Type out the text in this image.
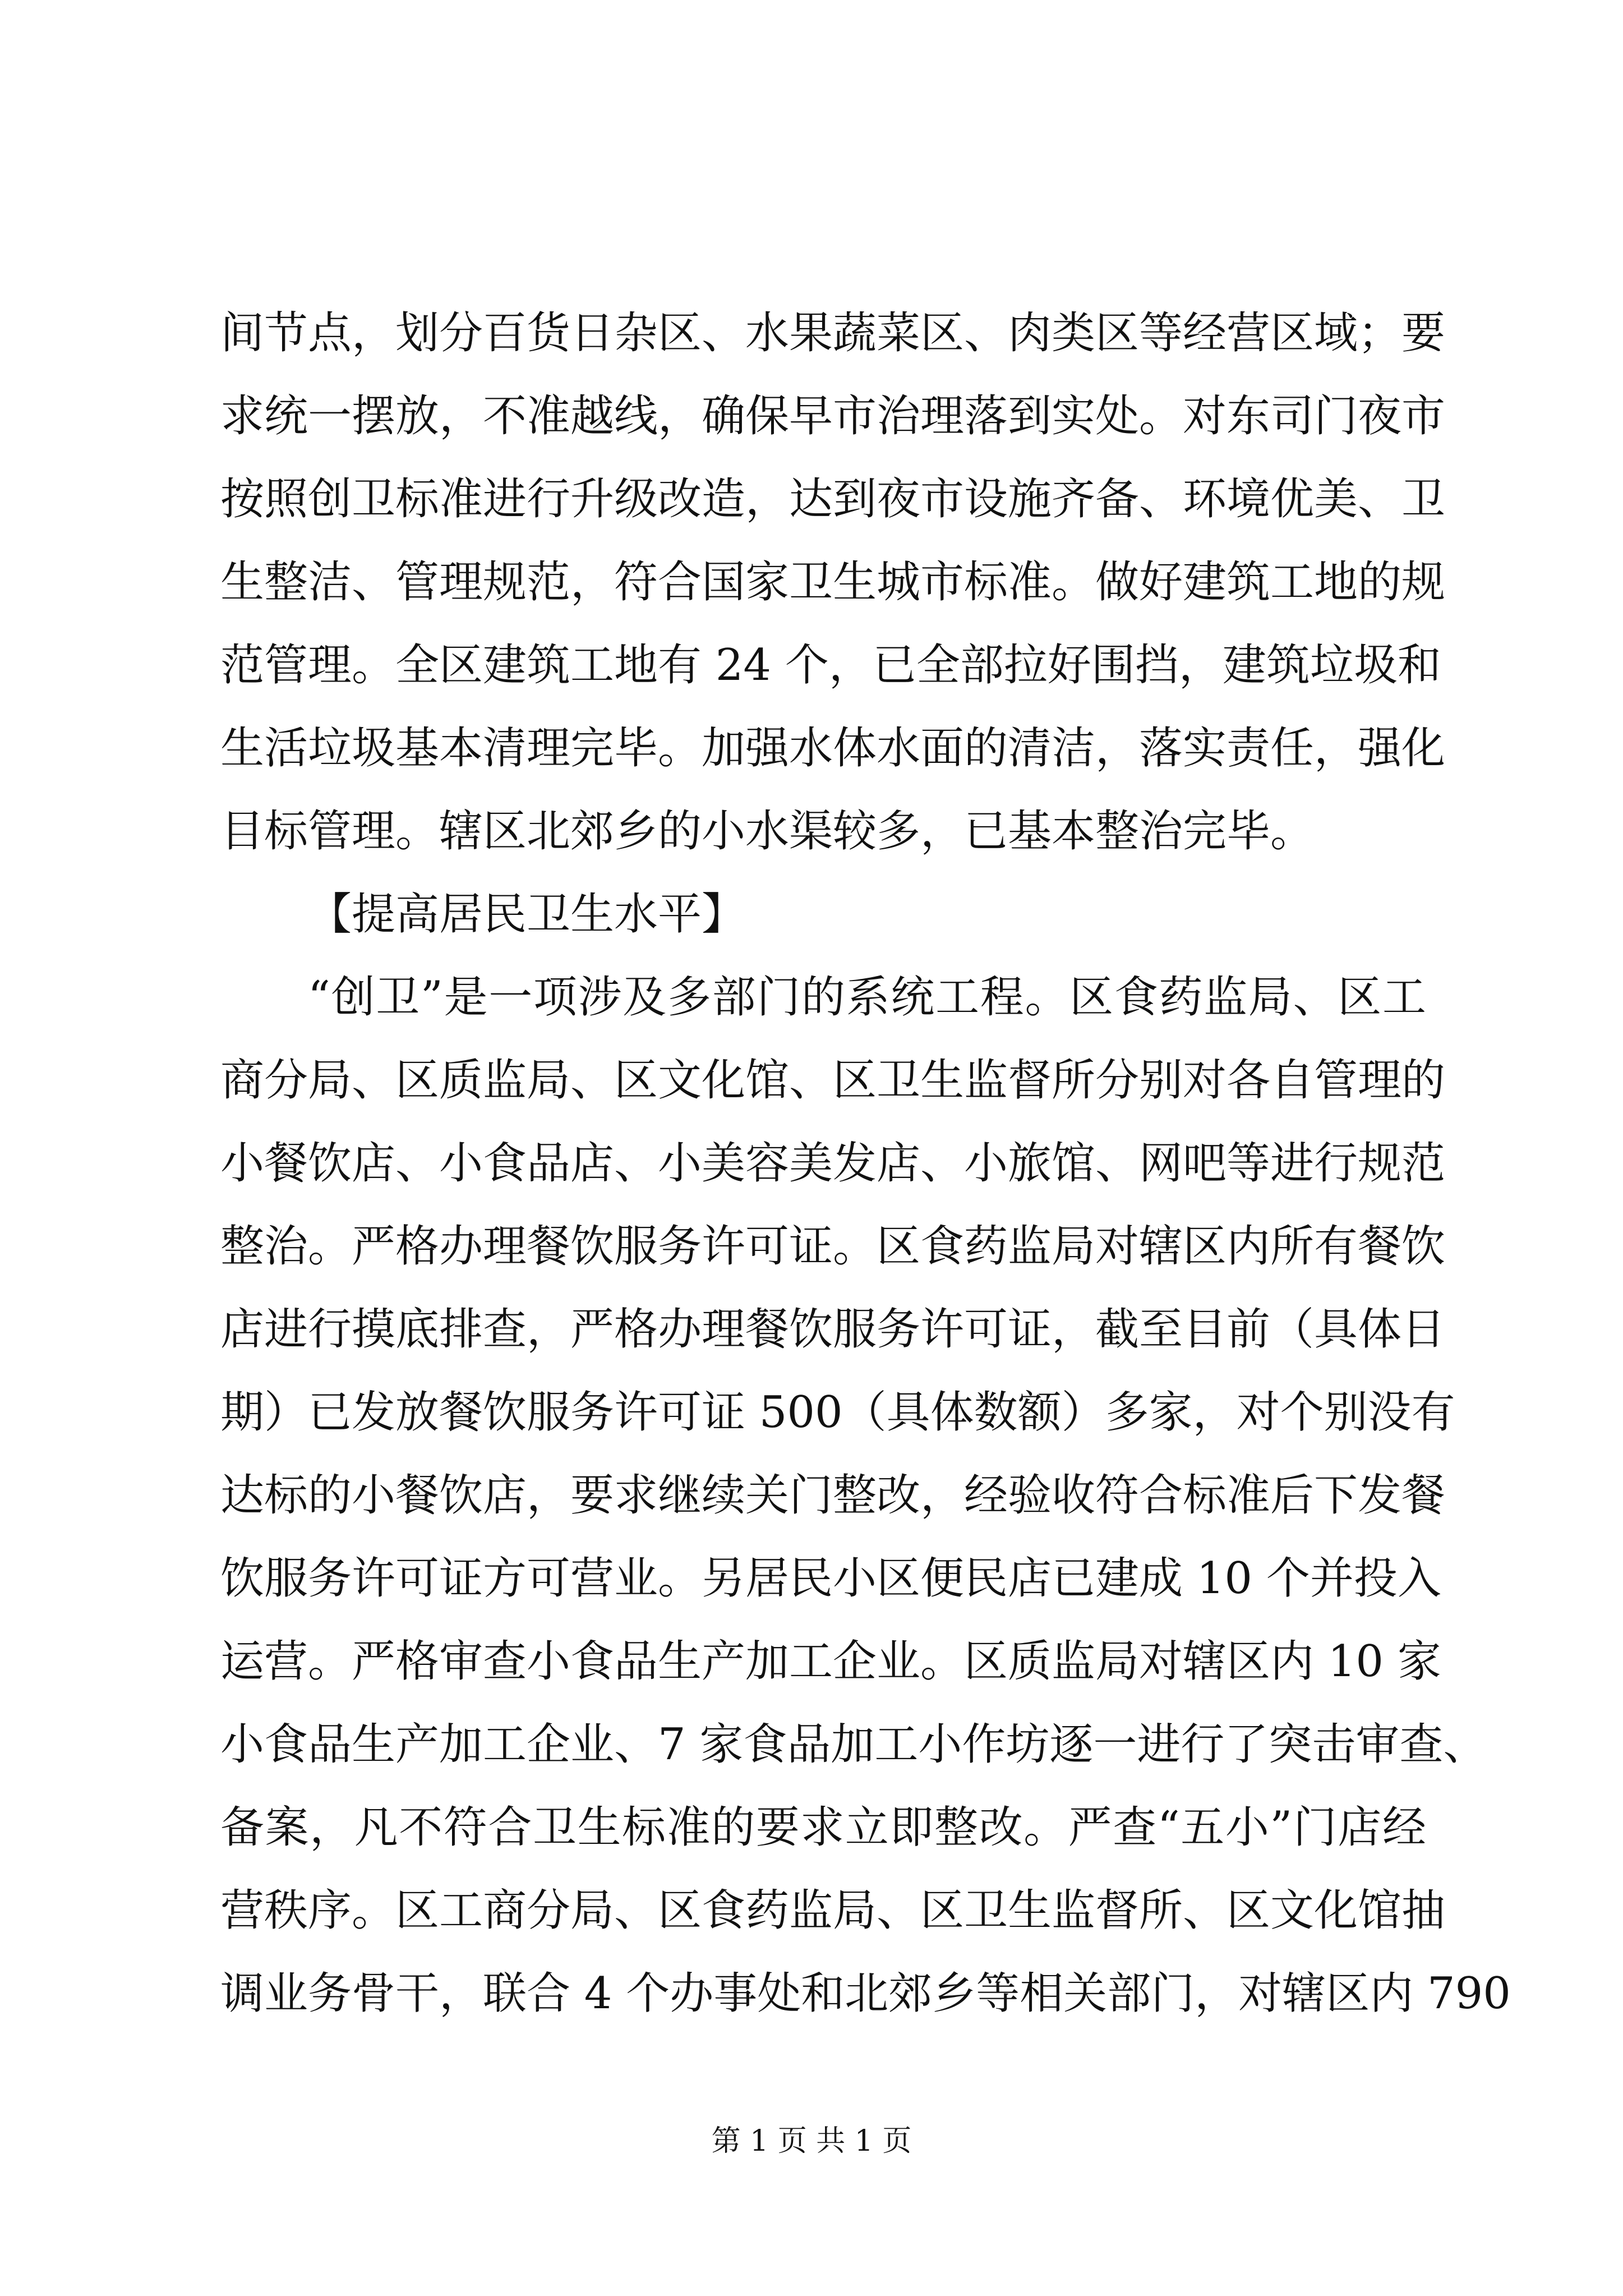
间节点，划分百货日杂区、水果蔬菜区、肉类区等经营区域；要
求统一摆放，不准越线，确保早市治理落到实处。对东司门夜市
按照创卫标准进行升级改造，达到夜市设施齐备、环境优美、卫
生整洁、管理规范，符合国家卫生城市标准。做好建筑工地的规
范管理。全区建筑工地有 24 个，已全部拉好围挡，建筑垃圾和
生活垃圾基本清理完毕。加强水体水面的清洁，落实责任，强化
目标管理。辖区北郊乡的小水渠较多，已基本整治完毕。
【提高居民卫生水平】
“创卫”是一项涉及多部门的系统工程。区食药监局、区工
商分局、区质监局、区文化馆、区卫生监督所分别对各自管理的
小餐饮店、小食品店、小美容美发店、小旅馆、网吧等进行规范
整治。严格办理餐饮服务许可证。区食药监局对辖区内所有餐饮
店进行摸底排查，严格办理餐饮服务许可证，截至目前（具体日
期）已发放餐饮服务许可证 500（具体数额）多家，对个别没有
达标的小餐饮店，要求继续关门整改，经验收符合标准后下发餐
饮服务许可证方可营业。另居民小区便民店已建成 10 个并投入
运营。严格审查小食品生产加工企业。区质监局对辖区内 10 家
小食品生产加工企业、7 家食品加工小作坊逐一进行了突击审查、
备案，凡不符合卫生标准的要求立即整改。严查“五小”门店经
营秩序。区工商分局、区食药监局、区卫生监督所、区文化馆抽
调业务骨干，联合 4 个办事处和北郊乡等相关部门，对辖区内 790
第 1 页 共 1 页
